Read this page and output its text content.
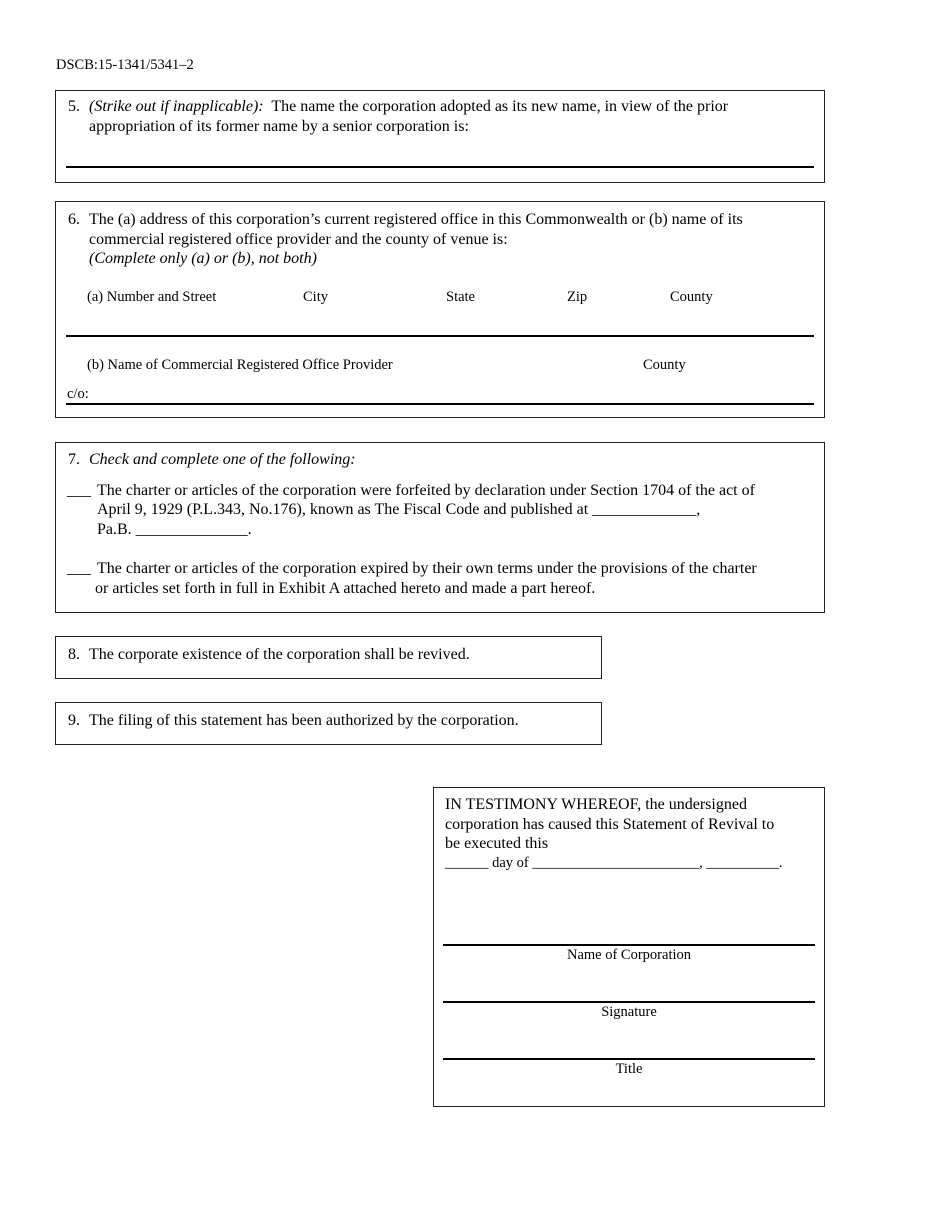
DSCB:15-1341/5341–2
5. (Strike out if inapplicable): The name the corporation adopted as its new name, in view of the prior
appropriation of its former name by a senior corporation is:
6. The (a) address of this corporation’s current registered office in this Commonwealth or (b) name of its
commercial registered office provider and the county of venue is:
(Complete only (a) or (b), not both)
(a) Number and Street	City	State	Zip	County
(b) Name of Commercial Registered Office Provider	County
c/o:
7. Check and complete one of the following:
___ The charter or articles of the corporation were forfeited by declaration under Section 1704 of the act of
April 9, 1929 (P.L.343, No.176), known as The Fiscal Code and published at _____________,
Pa.B. ______________.
___ The charter or articles of the corporation expired by their own terms under the provisions of the charter
or articles set forth in full in Exhibit A attached hereto and made a part hereof.
8. The corporate existence of the corporation shall be revived.
9. The filing of this statement has been authorized by the corporation.
IN TESTIMONY WHEREOF, the undersigned
corporation has caused this Statement of Revival to
be executed this
______ day of _______________________, __________.
Name of Corporation
Signature
Title
